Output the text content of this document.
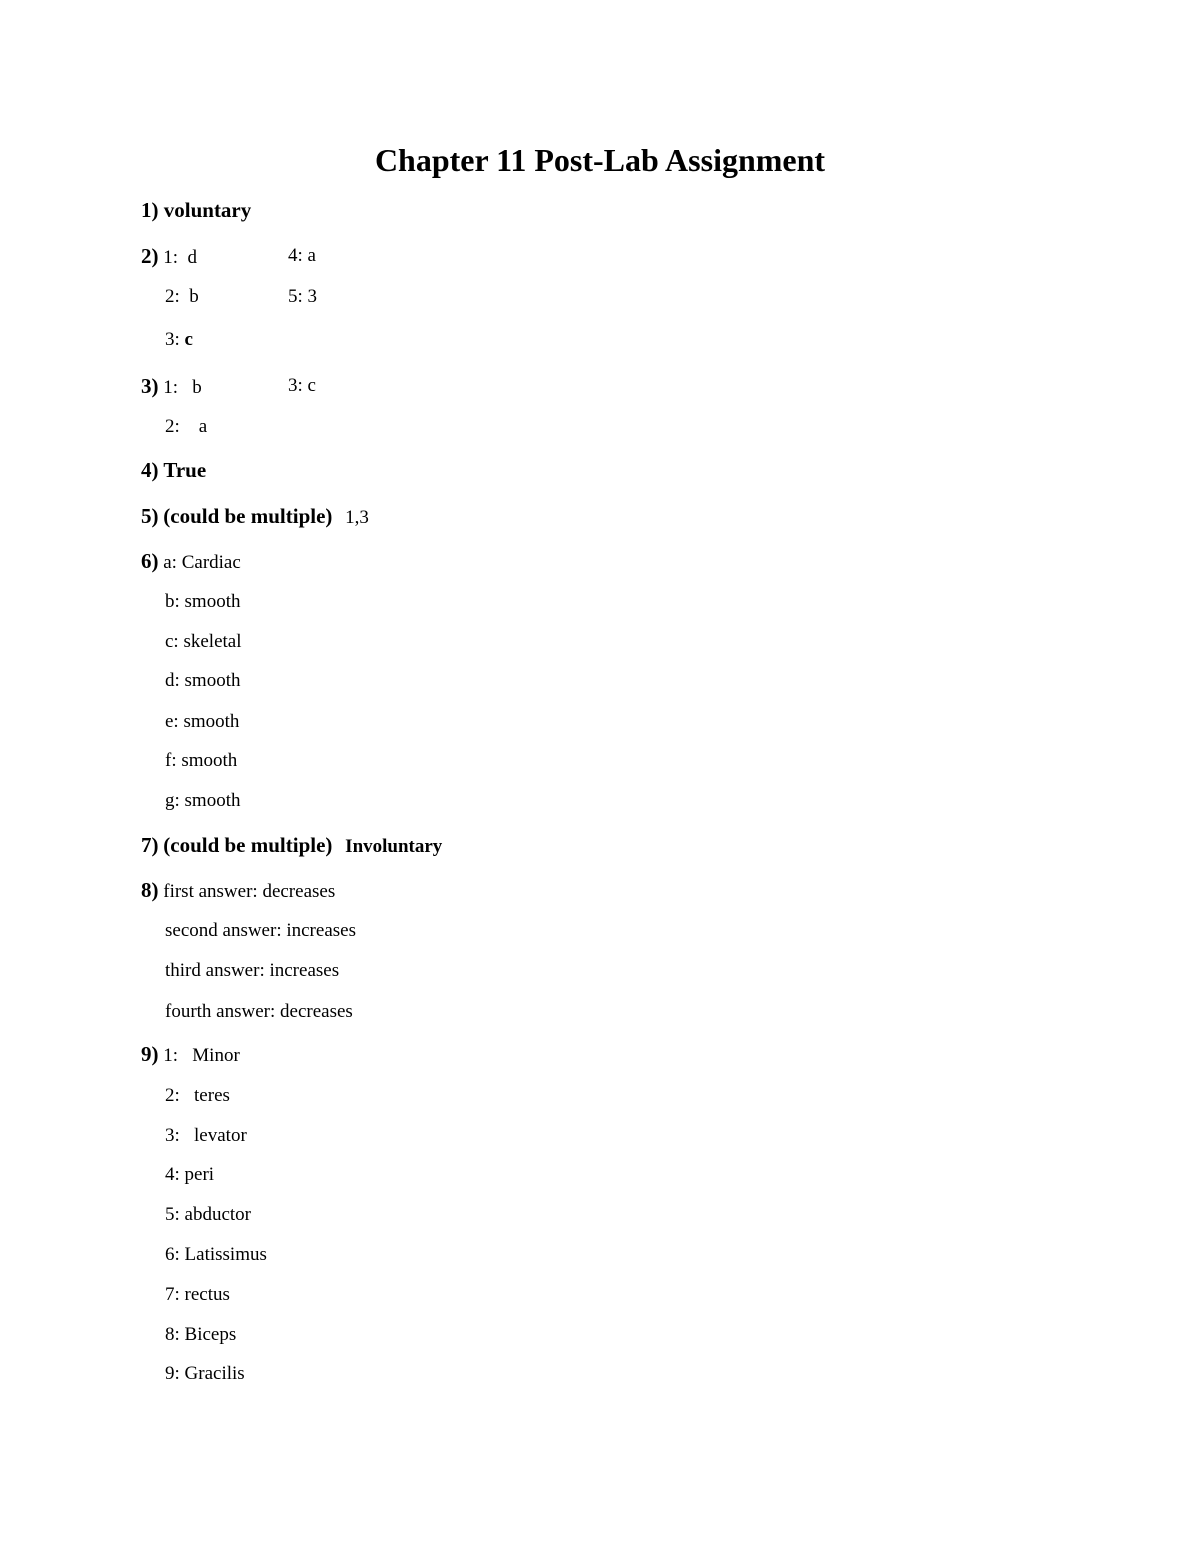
Chapter 11 Post-Lab Assignment
1) voluntary
2) 1:  d	4: a
2:  b	5: 3
3: c
3) 1:   b	3: c
2:    a
4) True
5) (could be multiple) 1,3
6) a: Cardiac
b: smooth
c: skeletal
d: smooth
e: smooth
f: smooth
g: smooth
7) (could be multiple) Involuntary
8) first answer: decreases
second answer: increases
third answer: increases
fourth answer: decreases
9) 1:   Minor
2:   teres
3:   levator
4: peri
5: abductor
6: Latissimus
7: rectus
8: Biceps
9: Gracilis
